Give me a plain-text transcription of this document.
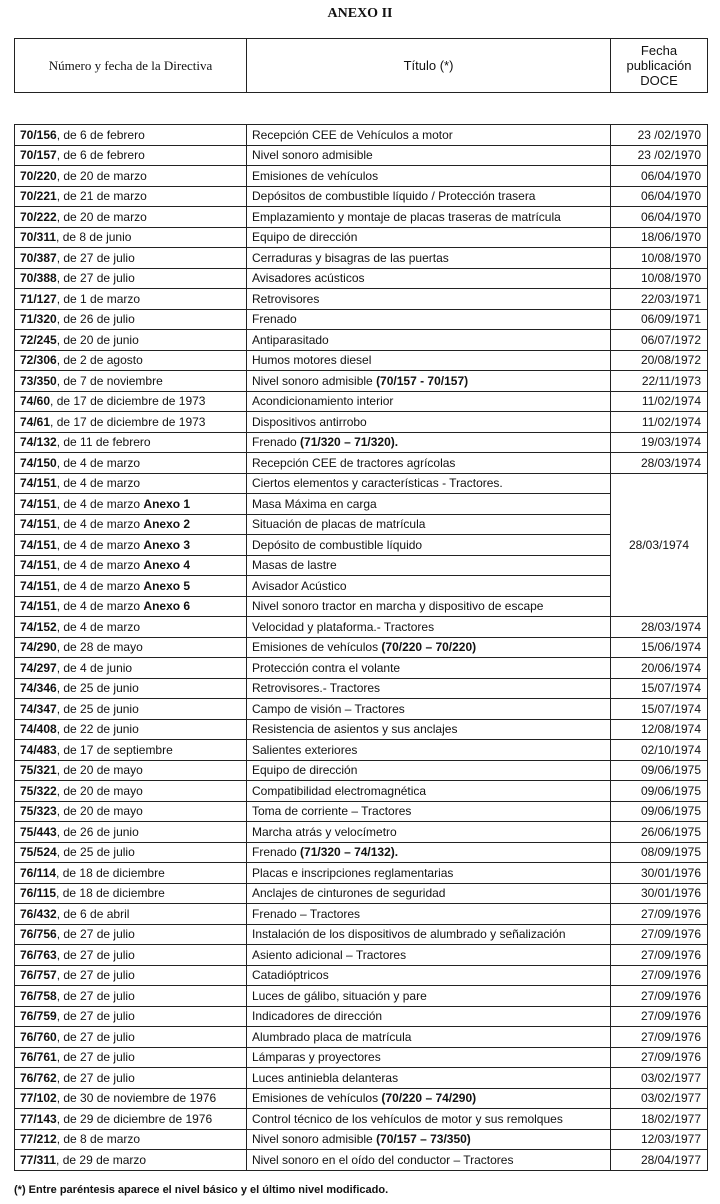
ANEXO II
Número y fecha de la Directiva	Título (*)	
Fecha
publicación
DOCE
70/156, de 6 de febrero	Recepción CEE de Vehículos a motor	23 /02/1970
70/157, de 6 de febrero	Nivel sonoro admisible	23 /02/1970
70/220, de 20 de marzo	Emisiones de vehículos	06/04/1970
70/221, de 21 de marzo	Depósitos de combustible líquido / Protección trasera	06/04/1970
70/222, de 20 de marzo	Emplazamiento y montaje de placas traseras de matrícula	06/04/1970
70/311, de 8 de junio	Equipo de dirección	18/06/1970
70/387, de 27 de julio	Cerraduras y bisagras de las puertas	10/08/1970
70/388, de 27 de julio	Avisadores acústicos	10/08/1970
71/127, de 1 de marzo	Retrovisores	22/03/1971
71/320, de 26 de julio	Frenado	06/09/1971
72/245, de 20 de junio	Antiparasitado	06/07/1972
72/306, de 2 de agosto	Humos motores diesel	20/08/1972
73/350, de 7 de noviembre	Nivel sonoro admisible (70/157 - 70/157)	22/11/1973
74/60, de 17 de diciembre de 1973	Acondicionamiento interior	11/02/1974
74/61, de 17 de diciembre de 1973	Dispositivos antirrobo	11/02/1974
74/132, de 11 de febrero	Frenado (71/320 – 71/320).	19/03/1974
74/150, de 4 de marzo	Recepción CEE de tractores agrícolas	28/03/1974
74/151, de 4 de marzo	Ciertos elementos y características - Tractores.	28/03/1974
74/151, de 4 de marzo Anexo 1	Masa Máxima en carga	
74/151, de 4 de marzo Anexo 2	Situación de placas de matrícula	
74/151, de 4 de marzo Anexo 3	Depósito de combustible líquido	
74/151, de 4 de marzo Anexo 4	Masas de lastre	
74/151, de 4 de marzo Anexo 5	Avisador Acústico	
74/151, de 4 de marzo Anexo 6	Nivel sonoro tractor en marcha y dispositivo de escape	
74/152, de 4 de marzo	Velocidad y plataforma.- Tractores	28/03/1974
74/290, de 28 de mayo	Emisiones de vehículos (70/220 – 70/220)	15/06/1974
74/297, de 4 de junio	Protección contra el volante	20/06/1974
74/346, de 25 de junio	Retrovisores.- Tractores	15/07/1974
74/347, de 25 de junio	Campo de visión – Tractores	15/07/1974
74/408, de 22 de junio	Resistencia de asientos y sus anclajes	12/08/1974
74/483, de 17 de septiembre	Salientes exteriores	02/10/1974
75/321, de 20 de mayo	Equipo de dirección	09/06/1975
75/322, de 20 de mayo	Compatibilidad electromagnética	09/06/1975
75/323, de 20 de mayo	Toma de corriente – Tractores	09/06/1975
75/443, de 26 de junio	Marcha atrás y velocímetro	26/06/1975
75/524, de 25 de julio	Frenado (71/320 – 74/132).	08/09/1975
76/114, de 18 de diciembre	Placas e inscripciones reglamentarias	30/01/1976
76/115, de 18 de diciembre	Anclajes de cinturones de seguridad	30/01/1976
76/432, de 6 de abril	Frenado – Tractores	27/09/1976
76/756, de 27 de julio	Instalación de los dispositivos de alumbrado y señalización	27/09/1976
76/763, de 27 de julio	Asiento adicional – Tractores	27/09/1976
76/757, de 27 de julio	Catadióptricos	27/09/1976
76/758, de 27 de julio	Luces de gálibo, situación y pare	27/09/1976
76/759, de 27 de julio	Indicadores de dirección	27/09/1976
76/760, de 27 de julio	Alumbrado placa de matrícula	27/09/1976
76/761, de 27 de julio	Lámparas y proyectores	27/09/1976
76/762, de 27 de julio	Luces antiniebla delanteras	03/02/1977
77/102, de 30 de noviembre de 1976	Emisiones de vehículos (70/220 – 74/290)	03/02/1977
77/143, de 29 de diciembre de 1976	Control técnico de los vehículos de motor y sus remolques	18/02/1977
77/212, de 8 de marzo	Nivel sonoro admisible (70/157 – 73/350)	12/03/1977
77/311, de 29 de marzo	Nivel sonoro en el oído del conductor – Tractores	28/04/1977
(*) Entre paréntesis aparece el nivel básico y el último nivel modificado.
